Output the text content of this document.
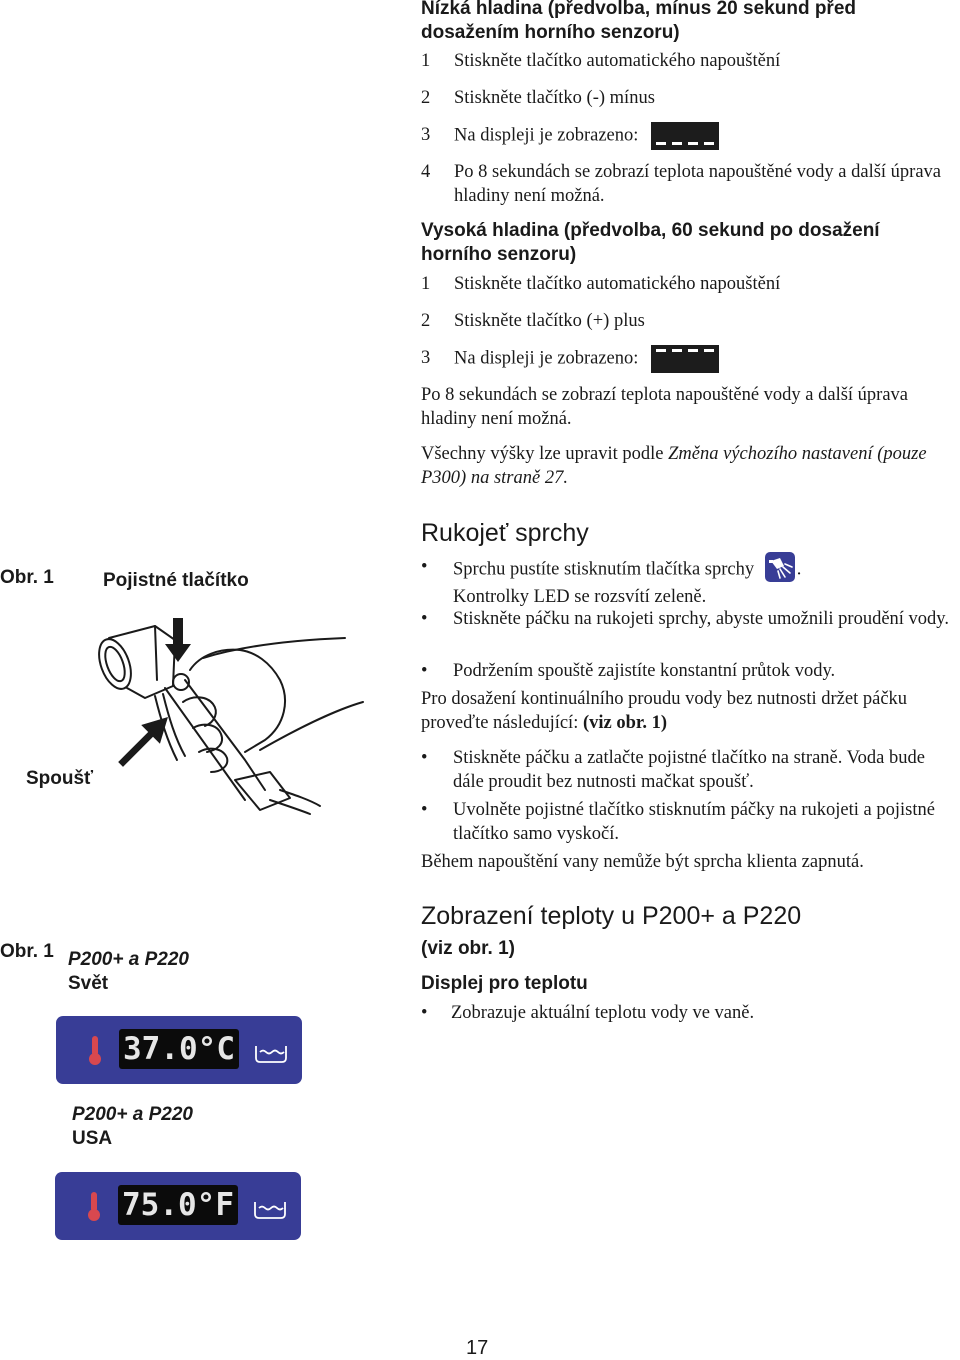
Nízká hladina (předvolba, mínus 20 sekund před dosažením horního senzoru)
1 Stiskněte tlačítko automatického napouštění
2 Stiskněte tlačítko (-) mínus
3 Na displeji je zobrazeno:
4 Po 8 sekundách se zobrazí teplota napouštěné vody a další úprava hladiny není možná.
Vysoká hladina (předvolba, 60 sekund po dosažení horního senzoru)
1 Stiskněte tlačítko automatického napouštění
2 Stiskněte tlačítko (+) plus
3 Na displeji je zobrazeno:
Po 8 sekundách se zobrazí teplota napouštěné vody a další úprava hladiny není možná.
Všechny výšky lze upravit podle Změna výchozího nastavení (pouze P300) na straně 27.
Rukojeť sprchy
• Sprchu pustíte stisknutím tlačítka sprchy .
Kontrolky LED se rozsvítí zeleně.
• Stiskněte páčku na rukojeti sprchy, abyste umožnili proudění vody.
• Podržením spouště zajistíte konstantní průtok vody.
Pro dosažení kontinuálního proudu vody bez nutnosti držet páčku proveďte následující: (viz obr. 1)
• Stiskněte páčku a zatlačte pojistné tlačítko na straně. Voda bude dále proudit bez nutnosti mačkat spoušť.
• Uvolněte pojistné tlačítko stisknutím páčky na rukojeti a pojistné tlačítko samo vyskočí.
Během napouštění vany nemůže být sprcha klienta zapnutá.
Zobrazení teploty u P200+ a P220
(viz obr. 1)
Displej pro teplotu
• Zobrazuje aktuální teplotu vody ve vaně.
Obr. 1	Pojistné tlačítko
Spoušť
Obr. 1 P200+ a P220
Svět
37.0°C
P200+ a P220
USA
75.0°F
17
